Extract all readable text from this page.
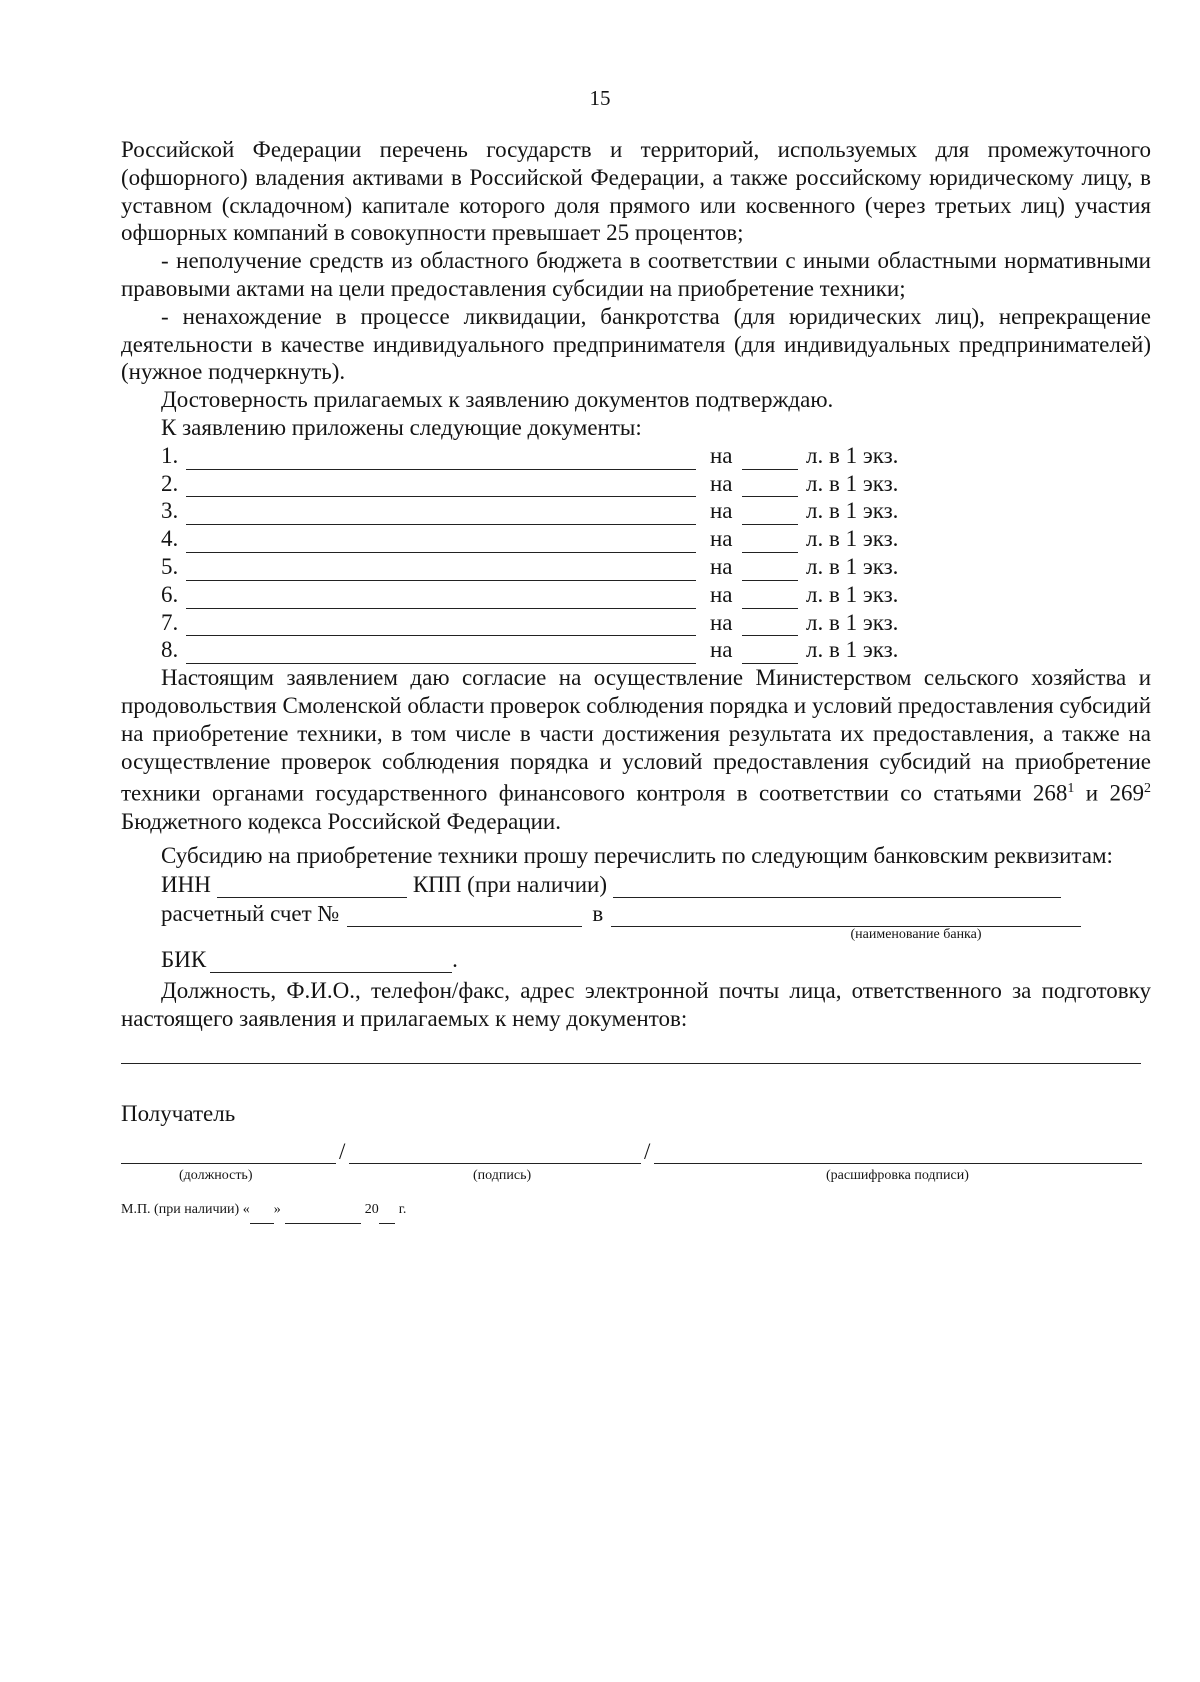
15

Российской Федерации перечень государств и территорий, используемых для промежуточного (офшорного) владения активами в Российской Федерации, а также российскому юридическому лицу, в уставном (складочном) капитале которого доля прямого или косвенного (через третьих лиц) участия офшорных компаний в совокупности превышает 25 процентов;

- неполучение средств из областного бюджета в соответствии с иными областными нормативными правовыми актами на цели предоставления субсидии на приобретение техники;

- ненахождение в процессе ликвидации, банкротства (для юридических лиц), непрекращение деятельности в качестве индивидуального предпринимателя (для индивидуальных предпринимателей) (нужное подчеркнуть).

Достоверность прилагаемых к заявлению документов подтверждаю.

К заявлению приложены следующие документы:

1.	на	л. в 1 экз.
2.	на	л. в 1 экз.
3.	на	л. в 1 экз.
4.	на	л. в 1 экз.
5.	на	л. в 1 экз.
6.	на	л. в 1 экз.
7.	на	л. в 1 экз.
8.	на	л. в 1 экз.

Настоящим заявлением даю согласие на осуществление Министерством сельского хозяйства и продовольствия Смоленской области проверок соблюдения порядка и условий предоставления субсидий на приобретение техники, в том числе в части достижения результата их предоставления, а также на осуществление проверок соблюдения порядка и условий предоставления субсидий на приобретение техники органами государственного финансового контроля в соответствии со статьями $268^1$ и $269^2$ Бюджетного кодекса Российской Федерации.

Субсидию на приобретение техники прошу перечислить по следующим банковским реквизитам:

ИНН	КПП (при наличии)
расчетный счет №	в
(наименование банка)
БИК	.

Должность, Ф.И.О., телефон/факс, адрес электронной почты лица, ответственного за подготовку настоящего заявления и прилагаемых к нему документов:

Получатель
/	/
(должность)	(подпись)	(расшифровка подписи)
М.П. (при наличии) « »	20 г.
